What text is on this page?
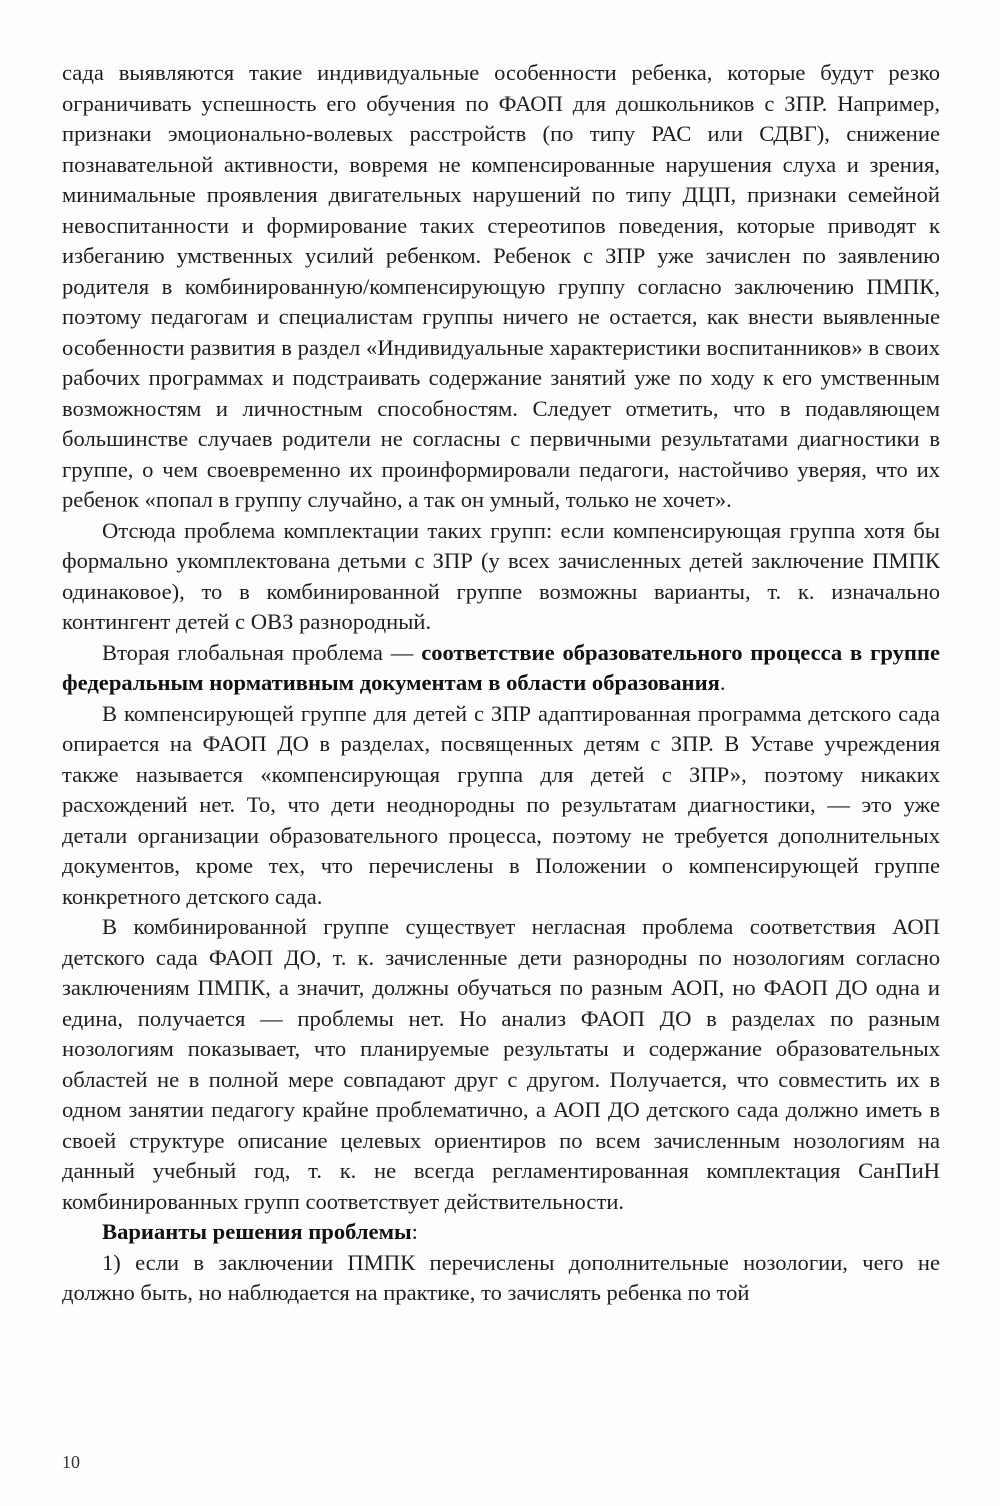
сада выявляются такие индивидуальные особенности ребенка, которые будут резко ограничивать успешность его обучения по ФАОП для дошкольников с ЗПР. Например, признаки эмоционально-волевых расстройств (по типу РАС или СДВГ), снижение познавательной активности, вовремя не компенсированные нарушения слуха и зрения, минимальные проявления двигательных нарушений по типу ДЦП, признаки семейной невоспитанности и формирование таких стереотипов поведения, которые приводят к избеганию умственных усилий ребенком. Ребенок с ЗПР уже зачислен по заявлению родителя в комбинированную/компенсирующую группу согласно заключению ПМПК, поэтому педагогам и специалистам группы ничего не остается, как внести выявленные особенности развития в раздел «Индивидуальные характеристики воспитанников» в своих рабочих программах и подстраивать содержание занятий уже по ходу к его умственным возможностям и личностным способностям. Следует отметить, что в подавляющем большинстве случаев родители не согласны с первичными результатами диагностики в группе, о чем своевременно их проинформировали педагоги, настойчиво уверяя, что их ребенок «попал в группу случайно, а так он умный, только не хочет».

Отсюда проблема комплектации таких групп: если компенсирующая группа хотя бы формально укомплектована детьми с ЗПР (у всех зачисленных детей заключение ПМПК одинаковое), то в комбинированной группе возможны варианты, т. к. изначально контингент детей с ОВЗ разнородный.

Вторая глобальная проблема — соответствие образовательного процесса в группе федеральным нормативным документам в области образования.

В компенсирующей группе для детей с ЗПР адаптированная программа детского сада опирается на ФАОП ДО в разделах, посвященных детям с ЗПР. В Уставе учреждения также называется «компенсирующая группа для детей с ЗПР», поэтому никаких расхождений нет. То, что дети неоднородны по результатам диагностики, — это уже детали организации образовательного процесса, поэтому не требуется дополнительных документов, кроме тех, что перечислены в Положении о компенсирующей группе конкретного детского сада.

В комбинированной группе существует негласная проблема соответствия АОП детского сада ФАОП ДО, т. к. зачисленные дети разнородны по нозологиям согласно заключениям ПМПК, а значит, должны обучаться по разным АОП, но ФАОП ДО одна и едина, получается — проблемы нет. Но анализ ФАОП ДО в разделах по разным нозологиям показывает, что планируемые результаты и содержание образовательных областей не в полной мере совпадают друг с другом. Получается, что совместить их в одном занятии педагогу крайне проблематично, а АОП ДО детского сада должно иметь в своей структуре описание целевых ориентиров по всем зачисленным нозологиям на данный учебный год, т. к. не всегда регламентированная комплектация СанПиН комбинированных групп соответствует действительности.

Варианты решения проблемы:

1) если в заключении ПМПК перечислены дополнительные нозологии, чего не должно быть, но наблюдается на практике, то зачислять ребенка по той

10
